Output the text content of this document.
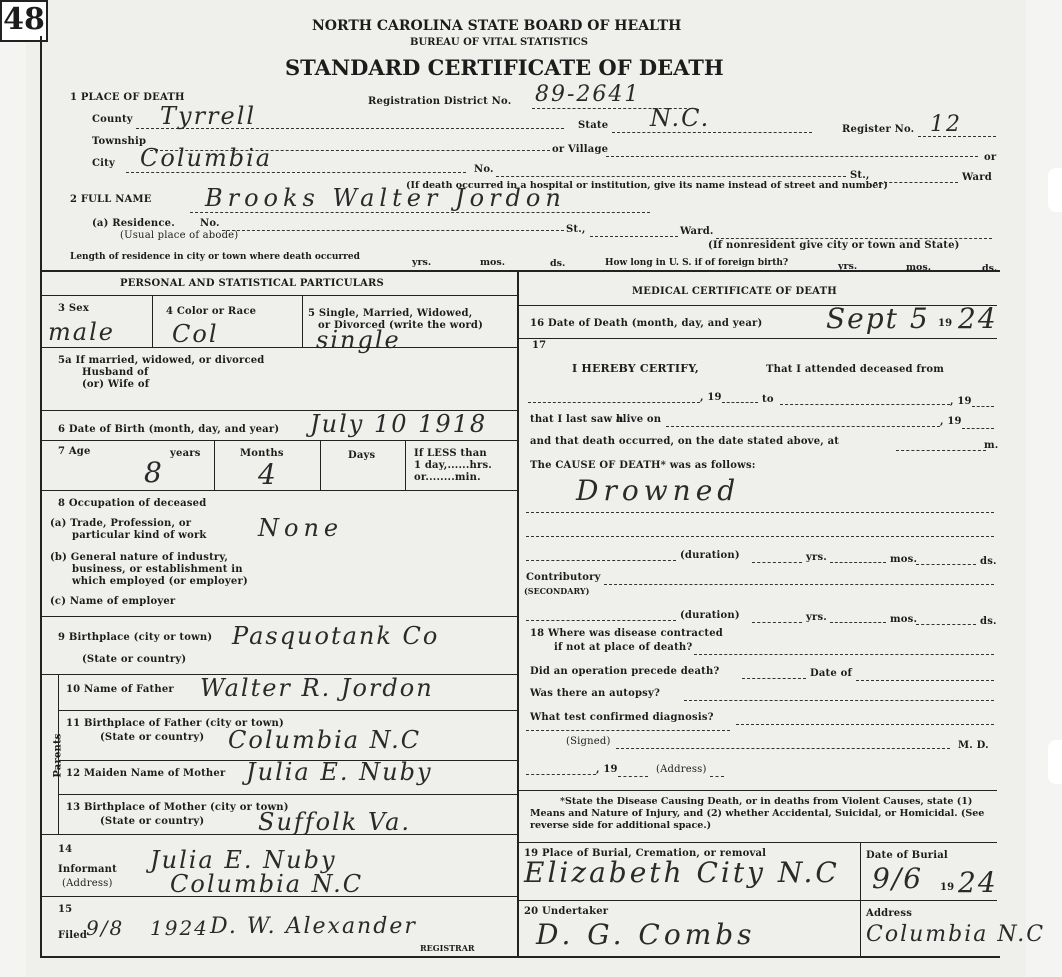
48	NORTH CAROLINA STATE BOARD OF HEALTH
BUREAU OF VITAL STATISTICS
STANDARD CERTIFICATE OF DEATH
1 PLACE OF DEATH	Registration District No. 89-2641
County Tyrrell	State N.C.	Register No. 12
Township
or Village
or
City Columbia	No.
St.,	Ward
(If death occurred in a hospital or institution, give its name instead of street and number)
2 FULL NAME Brooks Walter Jordon
(a) Residence.	No.
St.,	Ward.
(Usual place of abode)
(If nonresident give city or town and State)
Length of residence in city or town where death occurred	yrs.	mos.	ds.	How long in U. S. if of foreign birth?	yrs.	mos.	ds.
PERSONAL AND STATISTICAL PARTICULARS
3 Sex
male
4 Color or Race
Col
5 Single, Married, Widowed,
or Divorced (write the word)
single
5a If married, widowed, or divorced
Husband of
(or) Wife of
6 Date of Birth (month, day, and year) July 10 1918
7 Age	years
8
Months
4
Days	If LESS than
1 day,......hrs.
or........min.
8 Occupation of deceased
(a) Trade, Profession, or
particular kind of work None
(b) General nature of industry,
business, or establishment in
which employed (or employer)
(c) Name of employer
9 Birthplace (city or town) Pasquotank Co
(State or country)
Parents
10 Name of Father Walter R. Jordon
11 Birthplace of Father (city or town)
(State or country) Columbia N.C
12 Maiden Name of Mother Julia E. Nuby
13 Birthplace of Mother (city or town)
(State or country) Suffolk Va.
14
Informant Julia E. Nuby
(Address) Columbia N.C
15
Filed
9/8 1924 D. W. Alexander
REGISTRAR
MEDICAL CERTIFICATE OF DEATH
16 Date of Death (month, day, and year) Sept 5 19 24
17
I HEREBY CERTIFY,	That I attended deceased from
, 19	to	, 19
that I last saw h
alive on	, 19
and that death occurred, on the date stated above, at	m.
The CAUSE OF DEATH* was as follows:
Drowned
(duration)	yrs.	mos.	ds.
Contributory
(SECONDARY)
(duration)	yrs.	mos.	ds.
18 Where was disease contracted
if not at place of death?
Did an operation precede death?	Date of
Was there an autopsy?
What test confirmed diagnosis?
(Signed)	M. D.
, 19	(Address)
*State the Disease Causing Death, or in deaths from Violent Causes, state (1) Means and Nature of Injury, and (2) whether Accidental, Suicidal, or Homicidal. (See reverse side for additional space.)
19 Place of Burial, Cremation, or removal
Elizabeth City N.C
Date of Burial
9/6 19 24
20 Undertaker
D. G. Combs
Address
Columbia N.C
